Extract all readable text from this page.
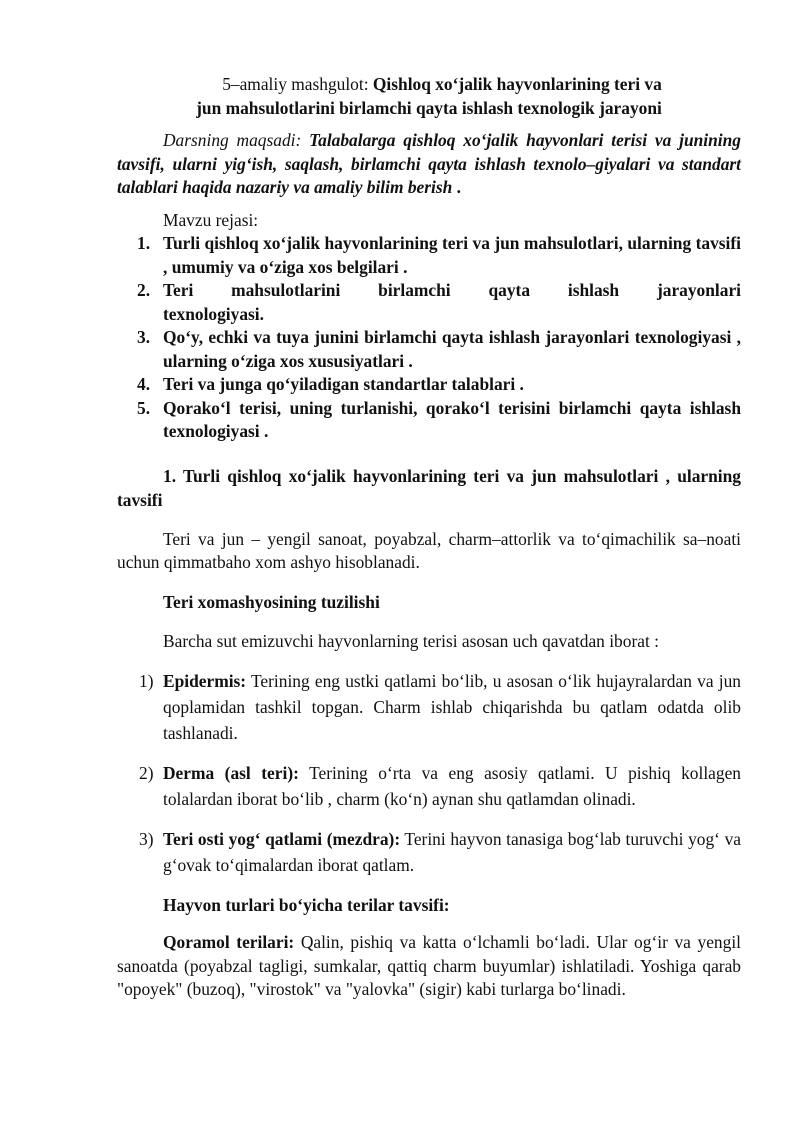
5–amaliy mashgulot: Qishloq xo‘jalik hayvonlarining teri va
jun mahsulotlarini birlamchi qayta ishlash texnologik jarayoni

Darsning maqsadi: Talabalarga qishloq xo‘jalik hayvonlari terisi va junining tavsifi, ularni yig‘ish, saqlash, birlamchi qayta ishlash texnolo–giyalari va standart talablari haqida nazariy va amaliy bilim berish .

Mavzu rejasi:
1. Turli qishloq xo‘jalik hayvonlarining teri va jun mahsulotlari, ularning tavsifi , umumiy va o‘ziga xos belgilari .
2. Teri      mahsulotlarini      birlamchi      qayta      ishlash      jarayonlari texnologiyasi.
3. Qo‘y, echki va tuya junini birlamchi qayta ishlash jarayonlari texnologiyasi , ularning o‘ziga xos xususiyatlari .
4. Teri va junga qo‘yiladigan standartlar talablari .
5. Qorako‘l terisi, uning turlanishi, qorako‘l terisini birlamchi qayta ishlash texnologiyasi .
1. Turli qishloq xo‘jalik hayvonlarining teri va jun mahsulotlari , ularning tavsifi

Teri va jun – yengil sanoat, poyabzal, charm–attorlik va to‘qimachilik sa–noati uchun qimmatbaho xom ashyo hisoblanadi.

Teri xomashyosining tuzilishi

Barcha sut emizuvchi hayvonlarning terisi asosan uch qavatdan iborat :

1) Epidermis: Terining eng ustki qatlami bo‘lib, u asosan o‘lik hujayralardan va jun qoplamidan tashkil topgan. Charm ishlab chiqarishda bu qatlam odatda olib tashlanadi.
2) Derma (asl teri): Terining o‘rta va eng asosiy qatlami. U pishiq kollagen tolalardan iborat bo‘lib , charm (ko‘n) aynan shu qatlamdan olinadi.
3) Teri osti yog‘ qatlami (mezdra): Terini hayvon tanasiga bog‘lab turuvchi yog‘ va g‘ovak to‘qimalardan iborat qatlam.
Hayvon turlari bo‘yicha terilar tavsifi:

Qoramol terilari: Qalin, pishiq va katta o‘lchamli bo‘ladi. Ular og‘ir va yengil sanoatda (poyabzal tagligi, sumkalar, qattiq charm buyumlar) ishlatiladi. Yoshiga qarab "opoyek" (buzoq), "virostok" va "yalovka" (sigir) kabi turlarga bo‘linadi.
